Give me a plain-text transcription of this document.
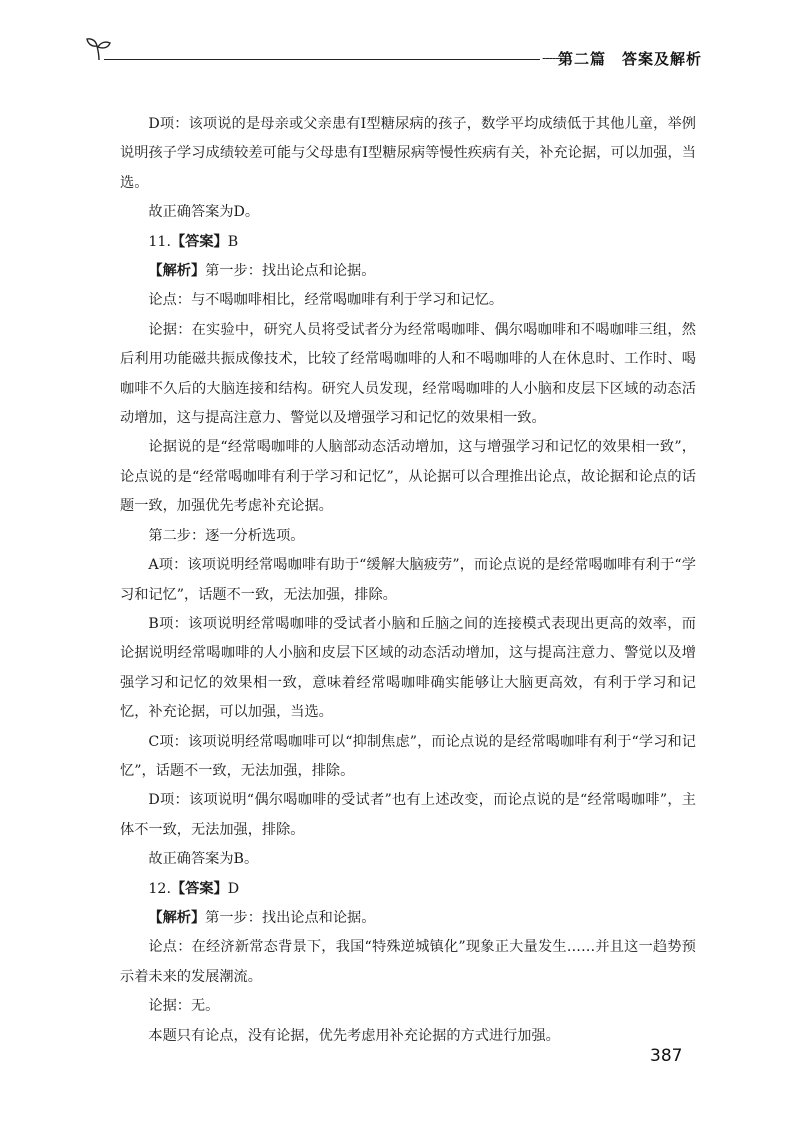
------
第二篇　答案及解析

D项：该项说的是母亲或父亲患有Ⅰ型糖尿病的孩子，数学平均成绩低于其他儿童，举例说明孩子学习成绩较差可能与父母患有Ⅰ型糖尿病等慢性疾病有关，补充论据，可以加强，当选。

故正确答案为D。

11.【答案】B

【解析】第一步：找出论点和论据。

论点：与不喝咖啡相比，经常喝咖啡有利于学习和记忆。

论据：在实验中，研究人员将受试者分为经常喝咖啡、偶尔喝咖啡和不喝咖啡三组，然后利用功能磁共振成像技术，比较了经常喝咖啡的人和不喝咖啡的人在休息时、工作时、喝咖啡不久后的大脑连接和结构。研究人员发现，经常喝咖啡的人小脑和皮层下区域的动态活动增加，这与提高注意力、警觉以及增强学习和记忆的效果相一致。

论据说的是“经常喝咖啡的人脑部动态活动增加，这与增强学习和记忆的效果相一致”，论点说的是“经常喝咖啡有利于学习和记忆”，从论据可以合理推出论点，故论据和论点的话题一致，加强优先考虑补充论据。

第二步：逐一分析选项。

A项：该项说明经常喝咖啡有助于“缓解大脑疲劳”，而论点说的是经常喝咖啡有利于“学习和记忆”，话题不一致，无法加强，排除。

B项：该项说明经常喝咖啡的受试者小脑和丘脑之间的连接模式表现出更高的效率，而论据说明经常喝咖啡的人小脑和皮层下区域的动态活动增加，这与提高注意力、警觉以及增强学习和记忆的效果相一致，意味着经常喝咖啡确实能够让大脑更高效，有利于学习和记忆，补充论据，可以加强，当选。

C项：该项说明经常喝咖啡可以“抑制焦虑”，而论点说的是经常喝咖啡有利于“学习和记忆”，话题不一致，无法加强，排除。

D项：该项说明“偶尔喝咖啡的受试者”也有上述改变，而论点说的是“经常喝咖啡”，主体不一致，无法加强，排除。

故正确答案为B。

12.【答案】D

【解析】第一步：找出论点和论据。

论点：在经济新常态背景下，我国“特殊逆城镇化”现象正大量发生……并且这一趋势预示着未来的发展潮流。

论据：无。

本题只有论点，没有论据，优先考虑用补充论据的方式进行加强。

387
